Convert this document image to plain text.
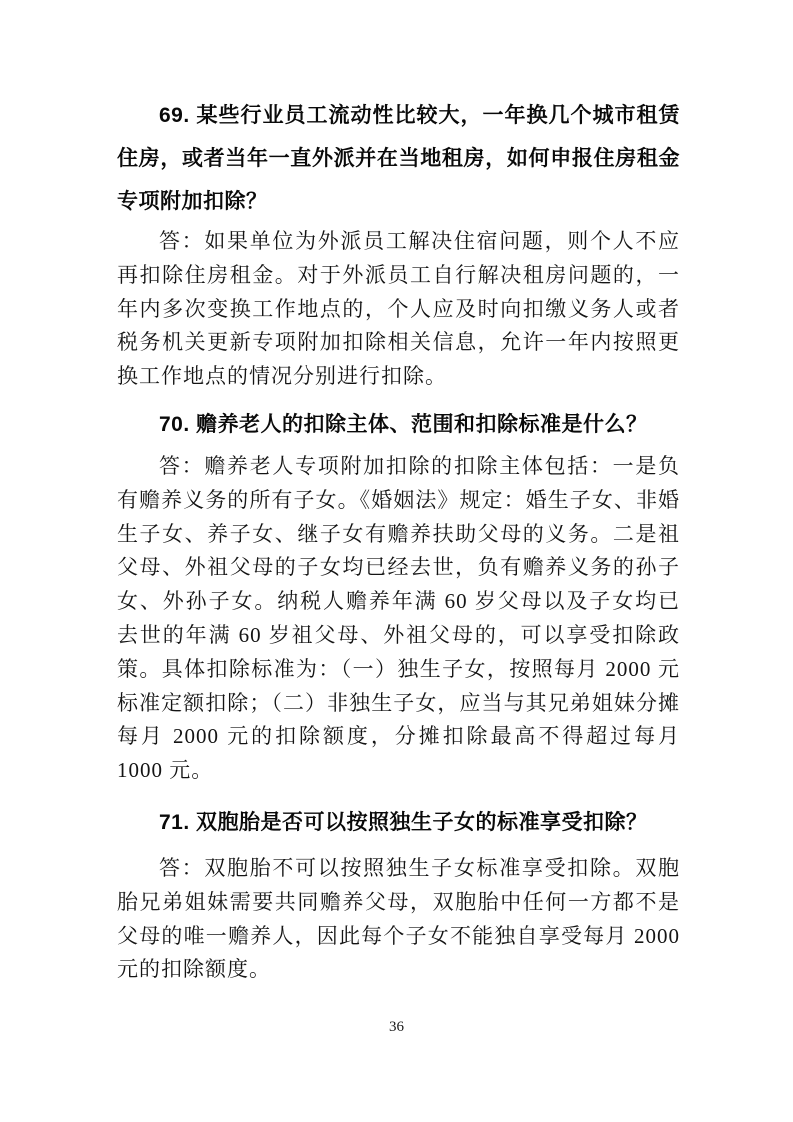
69. 某些行业员工流动性比较大，一年换几个城市租赁住房，或者当年一直外派并在当地租房，如何申报住房租金专项附加扣除？

答：如果单位为外派员工解决住宿问题，则个人不应再扣除住房租金。对于外派员工自行解决租房问题的，一年内多次变换工作地点的，个人应及时向扣缴义务人或者税务机关更新专项附加扣除相关信息，允许一年内按照更换工作地点的情况分别进行扣除。

70. 赡养老人的扣除主体、范围和扣除标准是什么？

答：赡养老人专项附加扣除的扣除主体包括：一是负有赡养义务的所有子女。《婚姻法》规定：婚生子女、非婚生子女、养子女、继子女有赡养扶助父母的义务。二是祖父母、外祖父母的子女均已经去世，负有赡养义务的孙子女、外孙子女。纳税人赡养年满 60 岁父母以及子女均已去世的年满 60 岁祖父母、外祖父母的，可以享受扣除政策。具体扣除标准为：（一）独生子女，按照每月 2000 元标准定额扣除；（二）非独生子女，应当与其兄弟姐妹分摊每月 2000 元的扣除额度，分摊扣除最高不得超过每月 1000 元。

71. 双胞胎是否可以按照独生子女的标准享受扣除？

答：双胞胎不可以按照独生子女标准享受扣除。双胞胎兄弟姐妹需要共同赡养父母，双胞胎中任何一方都不是父母的唯一赡养人，因此每个子女不能独自享受每月 2000 元的扣除额度。

36
